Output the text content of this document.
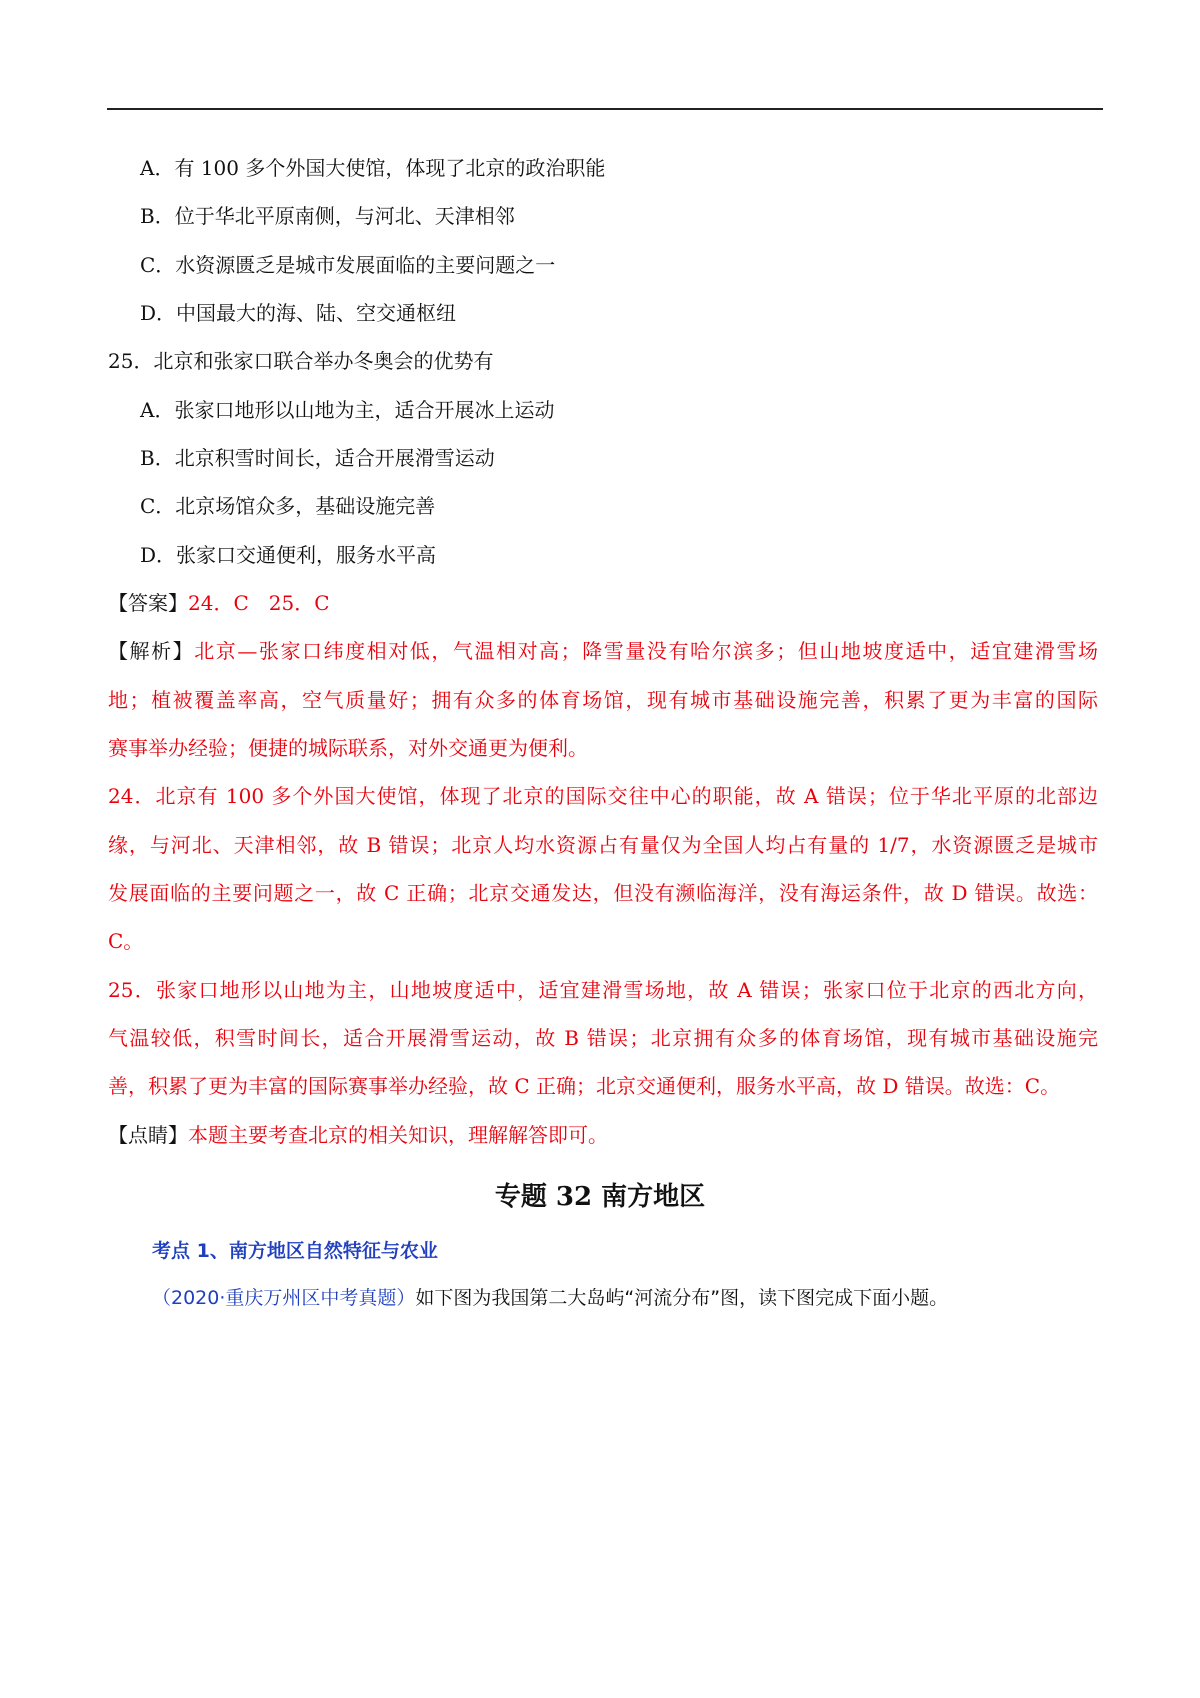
A．有 100 多个外国大使馆，体现了北京的政治职能
B．位于华北平原南侧，与河北、天津相邻
C．水资源匮乏是城市发展面临的主要问题之一
D．中国最大的海、陆、空交通枢纽
25．北京和张家口联合举办冬奥会的优势有
A．张家口地形以山地为主，适合开展冰上运动
B．北京积雪时间长，适合开展滑雪运动
C．北京场馆众多，基础设施完善
D．张家口交通便利，服务水平高
【答案】24．C　25．C
【解析】北京—张家口纬度相对低，气温相对高；降雪量没有哈尔滨多；但山地坡度适中，适宜建滑雪场
地；植被覆盖率高，空气质量好；拥有众多的体育场馆，现有城市基础设施完善，积累了更为丰富的国际
赛事举办经验；便捷的城际联系，对外交通更为便利。
24．北京有 100 多个外国大使馆，体现了北京的国际交往中心的职能，故 A 错误；位于华北平原的北部边
缘，与河北、天津相邻，故 B 错误；北京人均水资源占有量仅为全国人均占有量的 1/7，水资源匮乏是城市
发展面临的主要问题之一，故 C 正确；北京交通发达，但没有濒临海洋，没有海运条件，故 D 错误。故选：
C。
25．张家口地形以山地为主，山地坡度适中，适宜建滑雪场地，故 A 错误；张家口位于北京的西北方向，
气温较低，积雪时间长，适合开展滑雪运动，故 B 错误；北京拥有众多的体育场馆，现有城市基础设施完
善，积累了更为丰富的国际赛事举办经验，故 C 正确；北京交通便利，服务水平高，故 D 错误。故选：C。
【点睛】本题主要考查北京的相关知识，理解解答即可。
专题 32 南方地区
考点 1、南方地区自然特征与农业
（2020·重庆万州区中考真题）如下图为我国第二大岛屿“河流分布”图，读下图完成下面小题。
